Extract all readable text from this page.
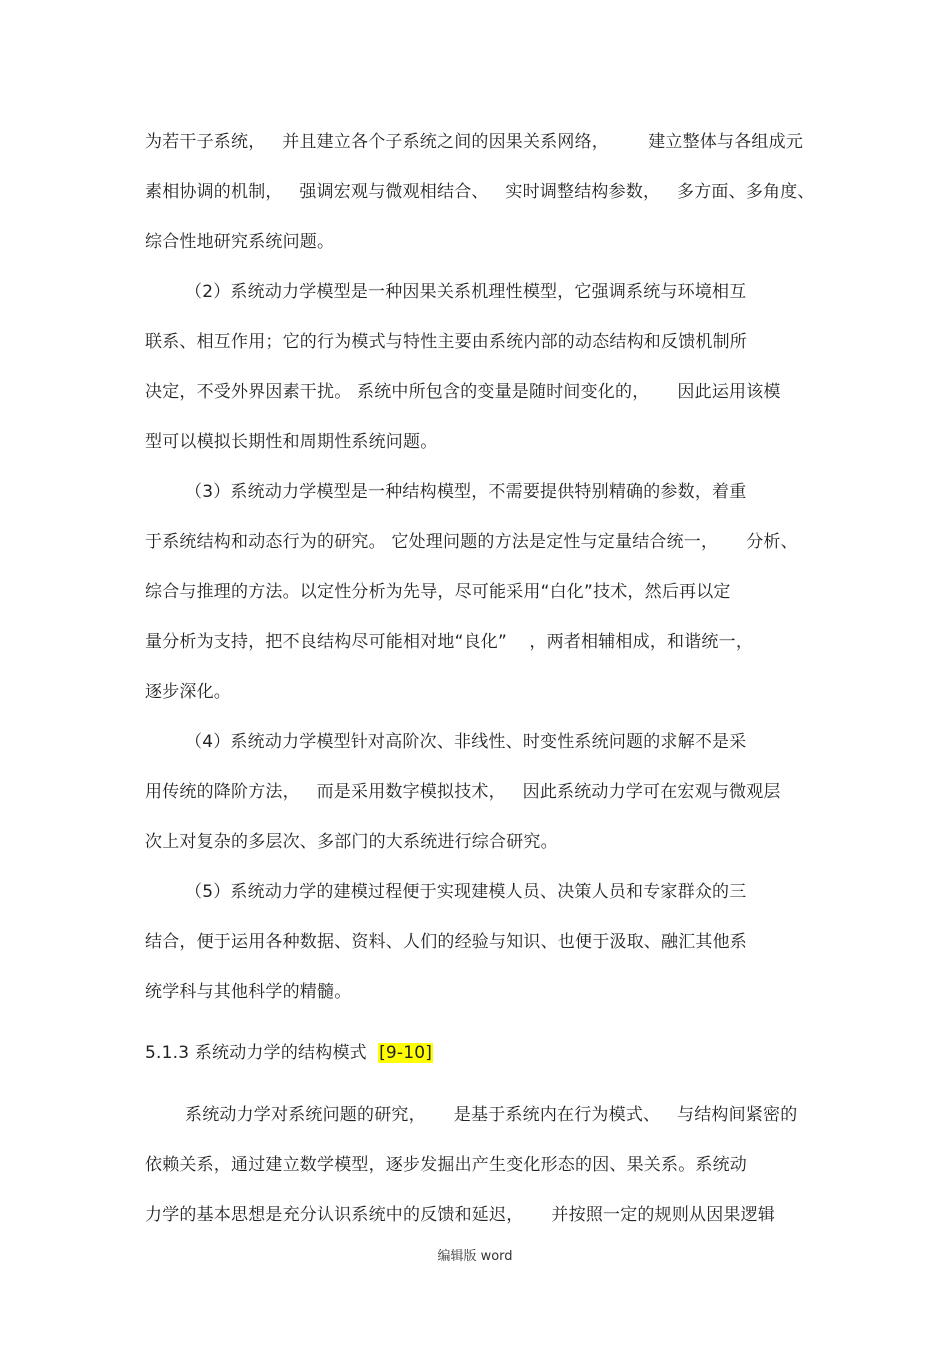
为若干子系统，   并且建立各个子系统之间的因果关系网络，       建立整体与各组成元
素相协调的机制，   强调宏观与微观相结合、   实时调整结构参数，   多方面、多角度、
综合性地研究系统问题。
（2）系统动力学模型是一种因果关系机理性模型，它强调系统与环境相互
联系、相互作用；它的行为模式与特性主要由系统内部的动态结构和反馈机制所
决定，不受外界因素干扰。 系统中所包含的变量是随时间变化的，     因此运用该模
型可以模拟长期性和周期性系统问题。
（3）系统动力学模型是一种结构模型，不需要提供特别精确的参数，着重
于系统结构和动态行为的研究。 它处理问题的方法是定性与定量结合统一，     分析、
综合与推理的方法。以定性分析为先导，尽可能采用“白化”技术，然后再以定
量分析为支持，把不良结构尽可能相对地“良化”    ，两者相辅相成，和谐统一，
逐步深化。
（4）系统动力学模型针对高阶次、非线性、时变性系统问题的求解不是采
用传统的降阶方法，   而是采用数字模拟技术，   因此系统动力学可在宏观与微观层
次上对复杂的多层次、多部门的大系统进行综合研究。
（5）系统动力学的建模过程便于实现建模人员、决策人员和专家群众的三
结合，便于运用各种数据、资料、人们的经验与知识、也便于汲取、融汇其他系
统学科与其他科学的精髓。
5.1.3 系统动力学的结构模式  [9-10]
系统动力学对系统问题的研究，     是基于系统内在行为模式、   与结构间紧密的
依赖关系，通过建立数学模型，逐步发掘出产生变化形态的因、果关系。系统动
力学的基本思想是充分认识系统中的反馈和延迟，     并按照一定的规则从因果逻辑
编辑版 word
